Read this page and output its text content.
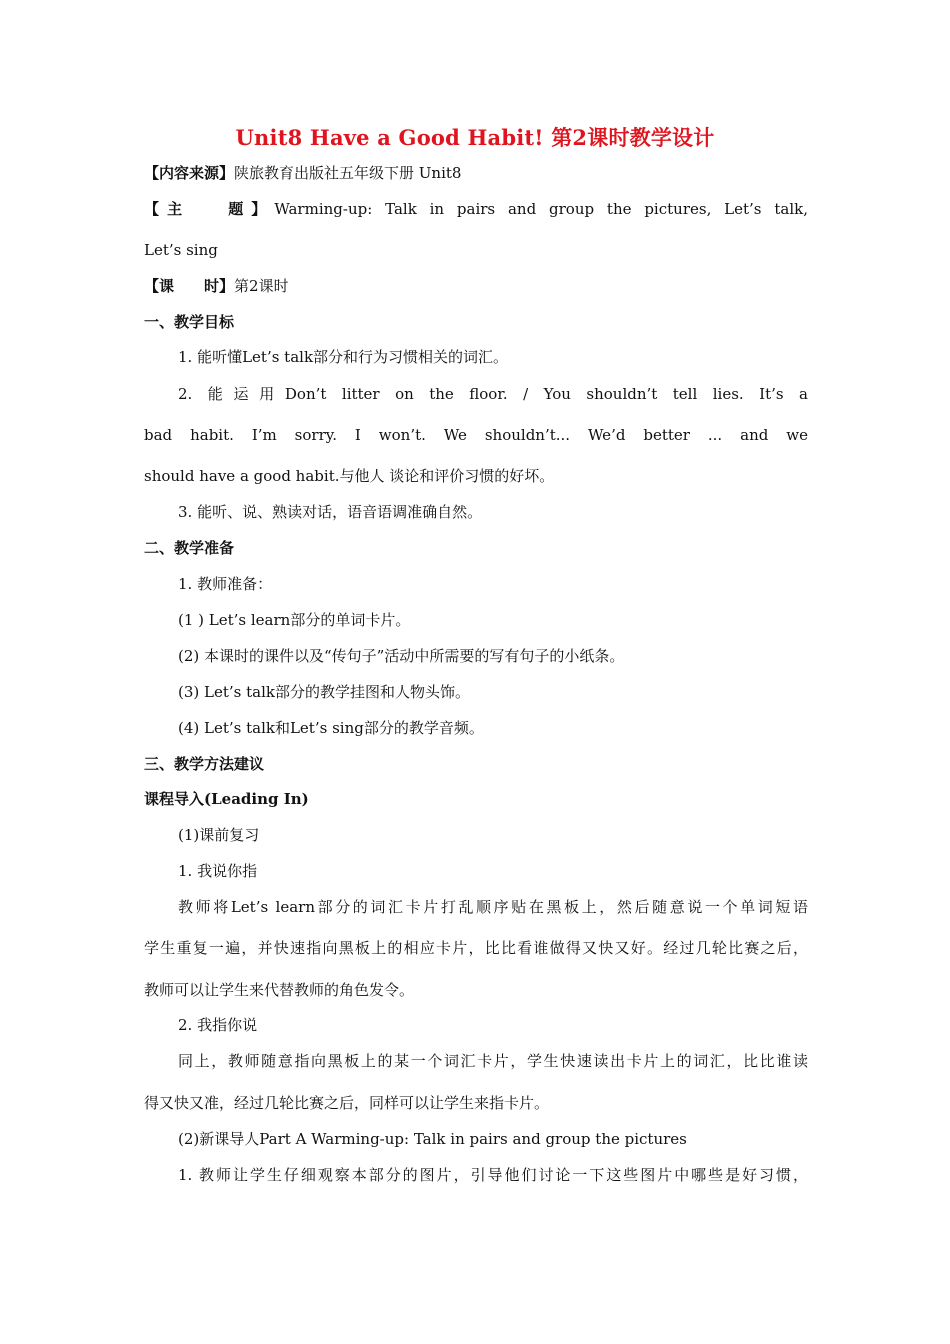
Unit8 Have a Good Habit! 第2课时教学设计
【内容来源】陕旅教育出版社五年级下册 Unit8
【主 题】Warming-up: Talk in pairs and group the pictures, Let’s talk,
Let’s sing
【课 时】第2课时
一、教学目标
1. 能听懂Let’s talk部分和行为习惯相关的词汇。
2. 能运用Don’t litter on the floor. / You shouldn’t tell lies. It’s a
bad habit. I’m sorry. I won’t. We shouldn’t... We’d better ... and we
should have a good habit.与他人 谈论和评价习惯的好坏。
3. 能听、说、熟读对话，语音语调准确自然。
二、教学准备
1. 教师准备：
(1 ) Let’s learn部分的单词卡片。
(2) 本课时的课件以及“传句子”活动中所需要的写有句子的小纸条。
(3) Let’s talk部分的教学挂图和人物头饰。
(4) Let’s talk和Let’s sing部分的教学音频。
三、教学方法建议
课程导入(Leading In)
(1)课前复习
1. 我说你指
教师将Let’s learn部分的词汇卡片打乱顺序贴在黑板上，然后随意说一个单词短语
学生重复一遍，并快速指向黑板上的相应卡片，比比看谁做得又快又好。经过几轮比赛之后，
教师可以让学生来代替教师的角色发令。
2. 我指你说
同上，教师随意指向黑板上的某一个词汇卡片，学生快速读出卡片上的词汇，比比谁读
得又快又准，经过几轮比赛之后，同样可以让学生来指卡片。
(2)新课导人Part A Warming-up: Talk in pairs and group the pictures
1. 教师让学生仔细观察本部分的图片，引导他们讨论一下这些图片中哪些是好习惯，
